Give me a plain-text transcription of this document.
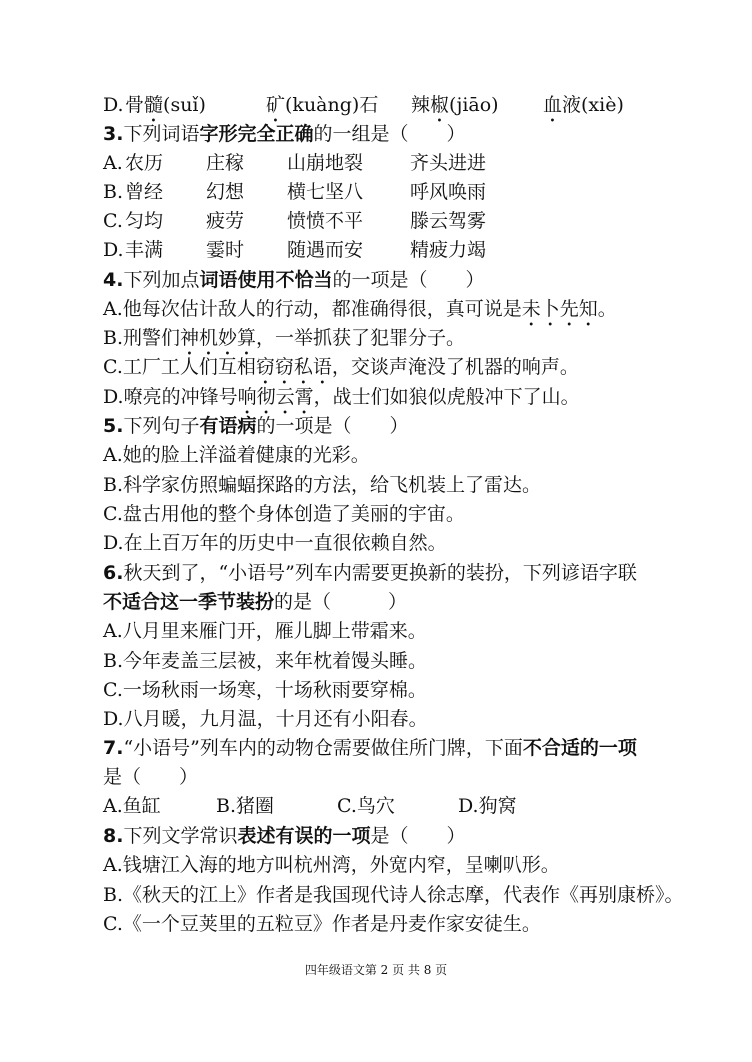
D. 骨髓(suǐ)	矿(kuàng)石 辣椒(jiāo) 血液(xiè)
3.下列词语字形完全正确的一组是（　　）
A. 农历 庄稼 山崩地裂 齐头进进
B. 曾经 幻想 横七坚八 呼风唤雨
C. 匀均 疲劳 愤愤不平 滕云驾雾
D. 丰满 霎时 随遇而安 精疲力竭
4.下列加点词语使用不恰当的一项是（　　）
A.他每次估计敌人的行动，都准确得很，真可说是未卜先知。
B.刑警们神机妙算，一举抓获了犯罪分子。
C.工厂工人们互相窃窃私语，交谈声淹没了机器的响声。
D.嘹亮的冲锋号响彻云霄，战士们如狼似虎般冲下了山。
5.下列句子有语病的一项是（　　）
A.她的脸上洋溢着健康的光彩。
B.科学家仿照蝙蝠探路的方法，给飞机装上了雷达。
C.盘古用他的整个身体创造了美丽的宇宙。
D.在上百万年的历史中一直很依赖自然。
6.秋天到了，“小语号”列车内需要更换新的装扮，下列谚语字联
不适合这一季节装扮的是（　　　）
A.八月里来雁门开，雁儿脚上带霜来。
B.今年麦盖三层被，来年枕着馒头睡。
C.一场秋雨一场寒，十场秋雨要穿棉。
D.八月暖，九月温，十月还有小阳春。
7.“小语号”列车内的动物仓需要做住所门牌，下面不合适的一项
是（　　）
A.鱼缸	B.猪圈	C.鸟穴	D.狗窝
8.下列文学常识表述有误的一项是（　　）
A.钱塘江入海的地方叫杭州湾，外宽内窄，呈喇叭形。
B.《秋天的江上》作者是我国现代诗人徐志摩，代表作《再别康桥》。
C.《一个豆荚里的五粒豆》作者是丹麦作家安徒生。
四年级语文第 2 页 共 8 页
